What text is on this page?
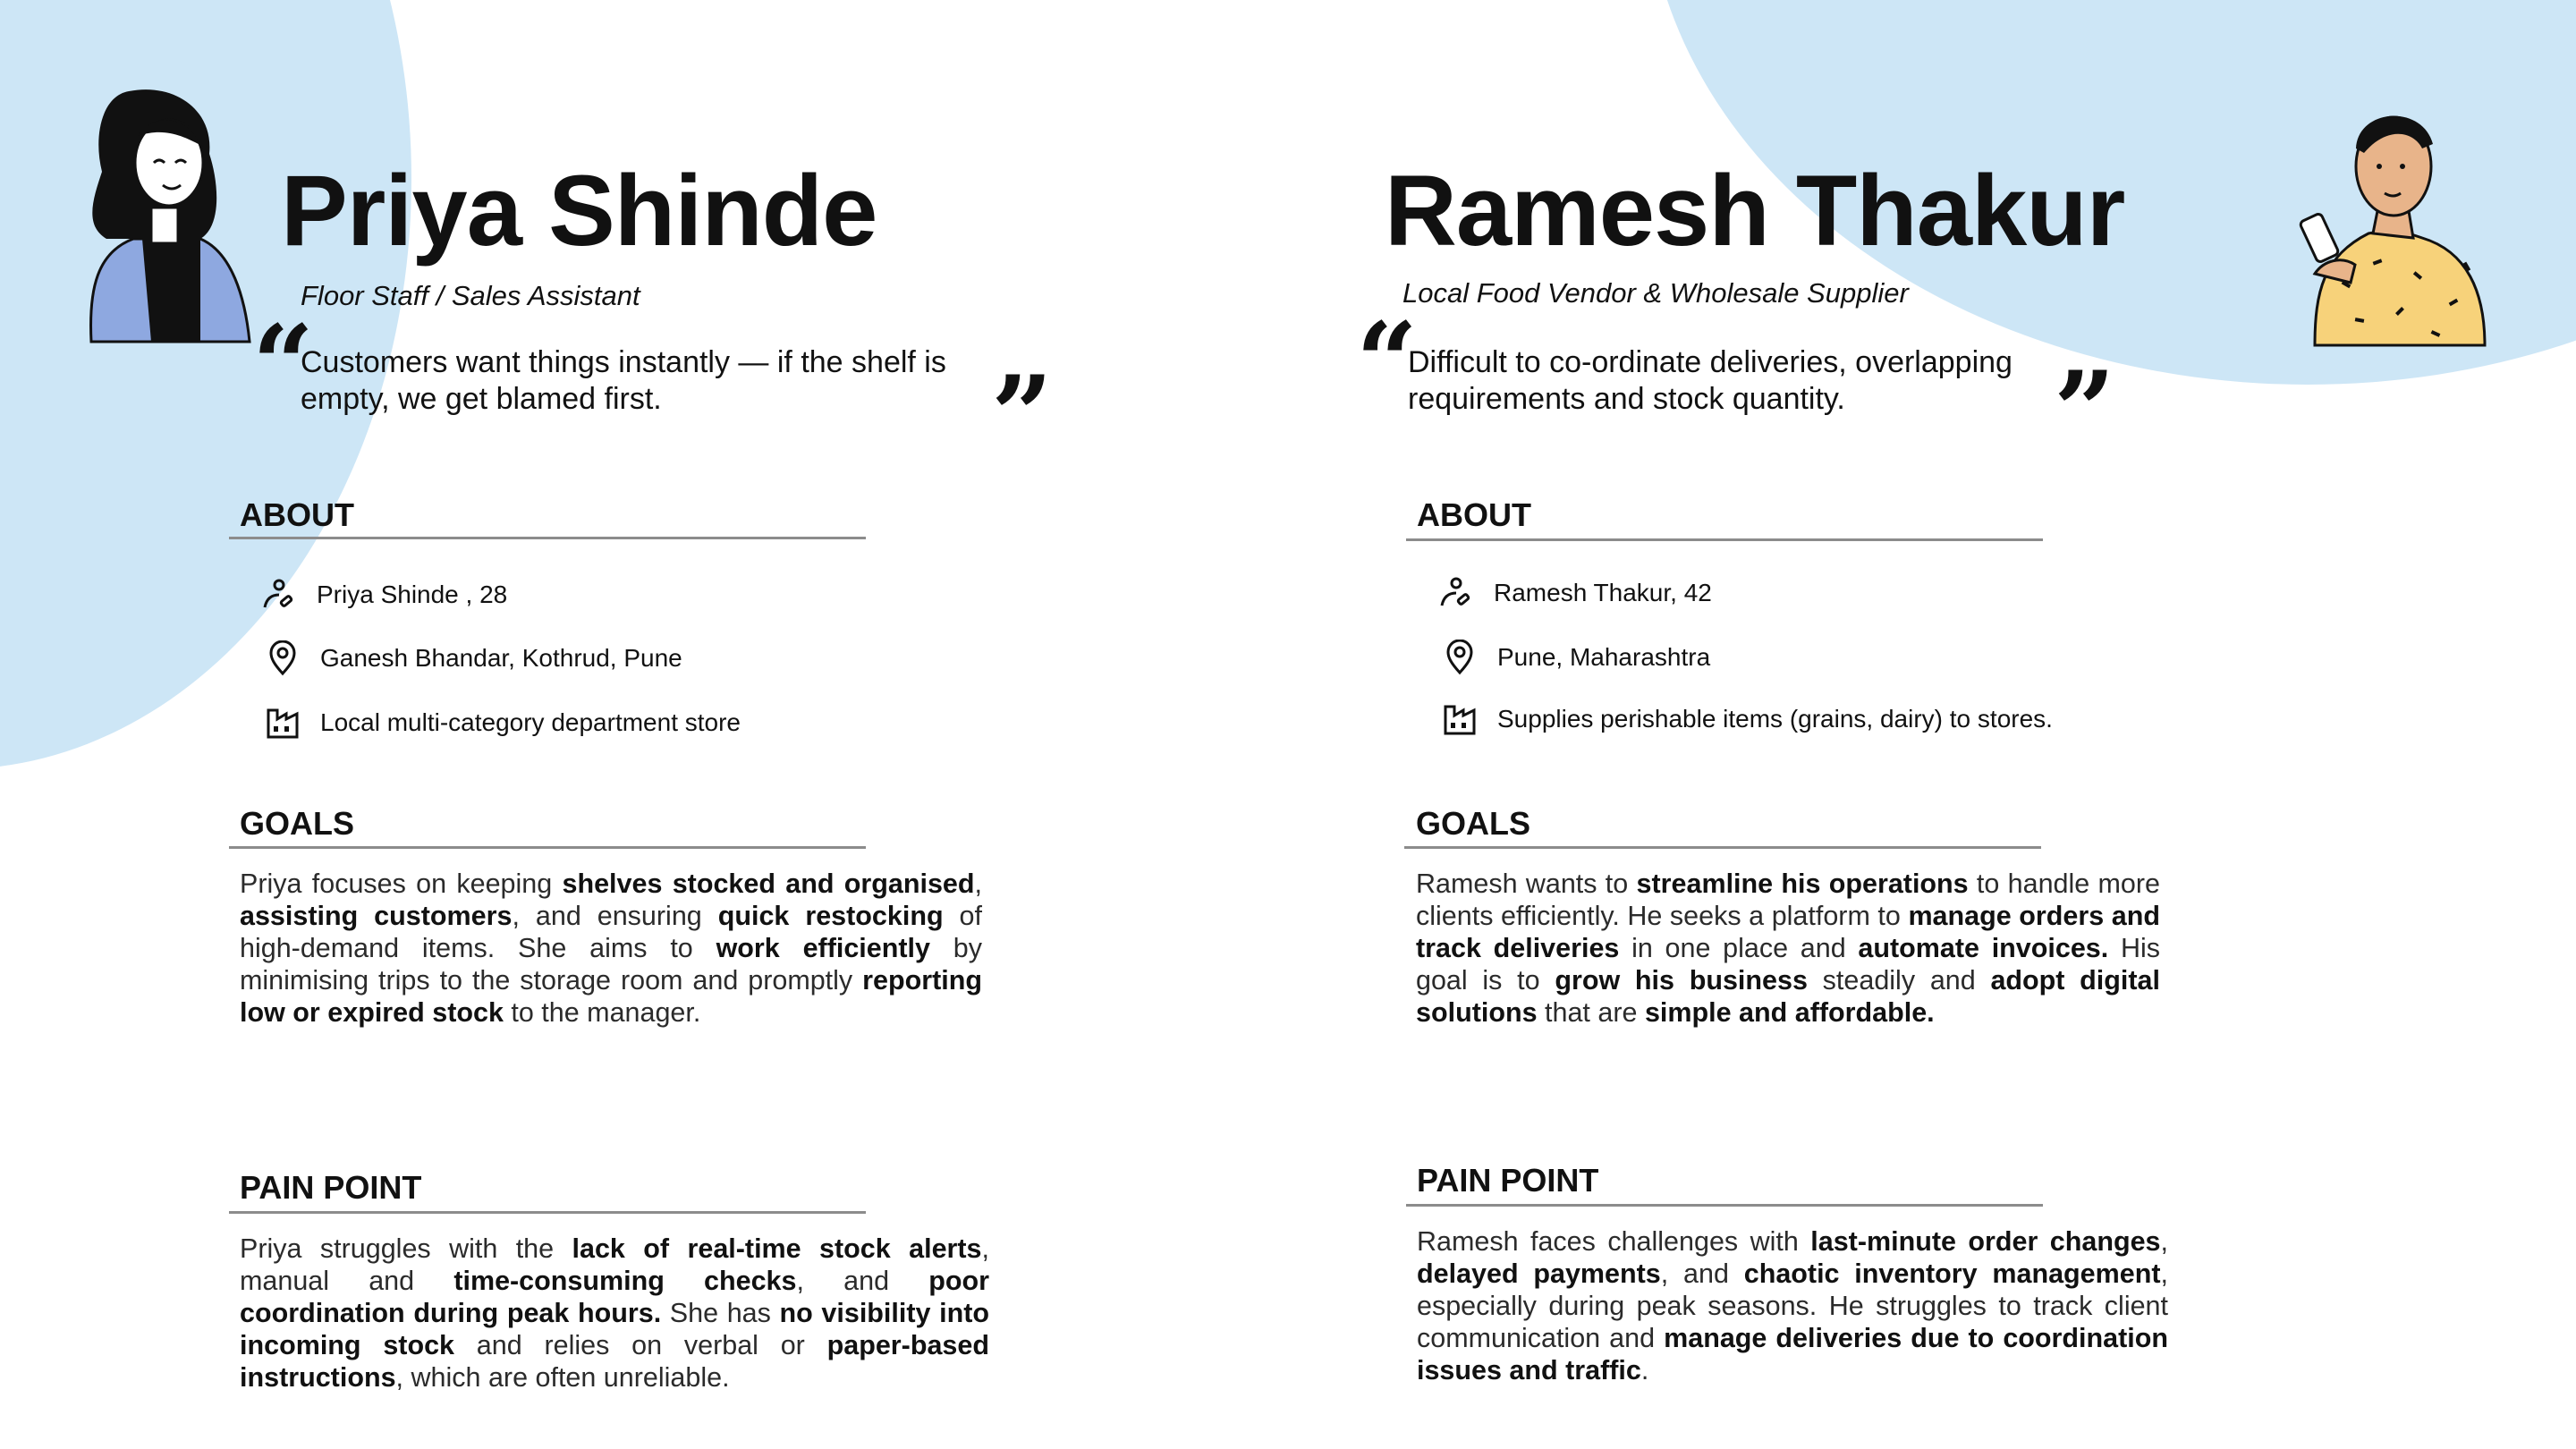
Priya Shinde
Floor Staff / Sales Assistant
“

Customers want things instantly — if the shelf is empty, we get blamed first.	”
ABOUT
Priya Shinde , 28
Ganesh Bhandar, Kothrud, Pune
Local multi-category department store
GOALS

Priya focuses on keeping shelves stocked and organised, assisting customers, and ensuring quick restocking of high-demand items. She aims to work efficiently by minimising trips to the storage room and promptly reporting low or expired stock to the manager.

PAIN POINT

Priya struggles with the lack of real-time stock alerts, manual and time-consuming checks, and poor coordination during peak hours. She has no visibility into incoming stock and relies on verbal or paper-based instructions, which are often unreliable.

Ramesh Thakur
Local Food Vendor & Wholesale Supplier
“

Difficult to co-ordinate deliveries, overlapping requirements and stock quantity.	”
ABOUT
Ramesh Thakur, 42
Pune, Maharashtra
Supplies perishable items (grains, dairy) to stores.
GOALS

Ramesh wants to streamline his operations to handle more clients efficiently. He seeks a platform to manage orders and track deliveries in one place and automate invoices. His goal is to grow his business steadily and adopt digital solutions that are simple and affordable.

PAIN POINT

Ramesh faces challenges with last-minute order changes, delayed payments, and chaotic inventory management, especially during peak seasons. He struggles to track client communication and manage deliveries due to coordination issues and traffic.
